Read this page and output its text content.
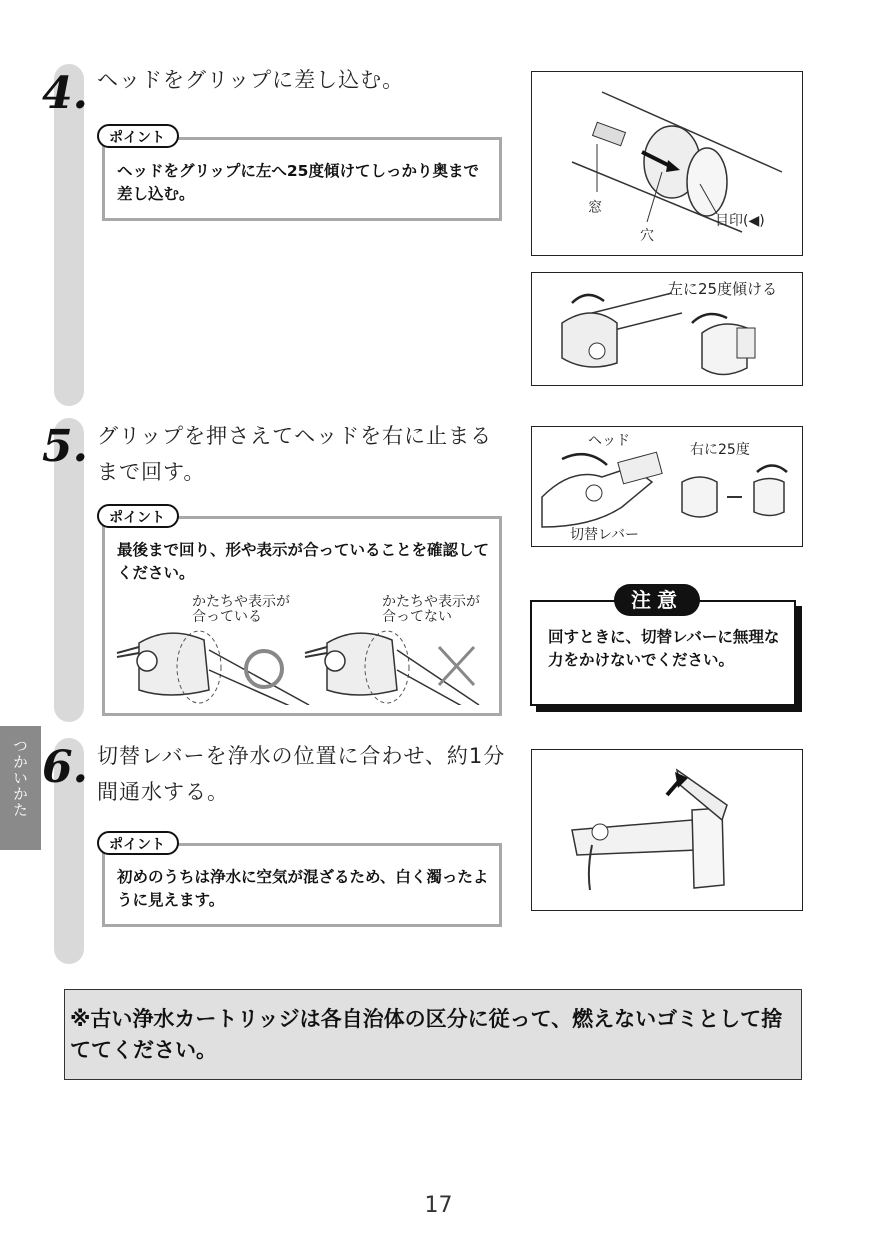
つかいかた
4. ヘッドをグリップに差し込む。
ヘッドをグリップに左へ25度傾けてしっかり奥まで差し込む。
ポイント
窓
穴
目印(◀)
左に25度傾ける
5. グリップを押さえてヘッドを右に止まるまで回す。
最後まで回り、形や表示が合っていることを確認してください。
ポイント
かたちや表示が合っている
かたちや表示が合ってない
ヘッド
右に25度
切替レバー
注意
回すときに、切替レバーに無理な力をかけないでください。
6. 切替レバーを浄水の位置に合わせ、約1分間通水する。
初めのうちは浄水に空気が混ざるため、白く濁ったように見えます。
ポイント
※古い浄水カートリッジは各自治体の区分に従って、燃えないゴミとして捨ててください。
17
